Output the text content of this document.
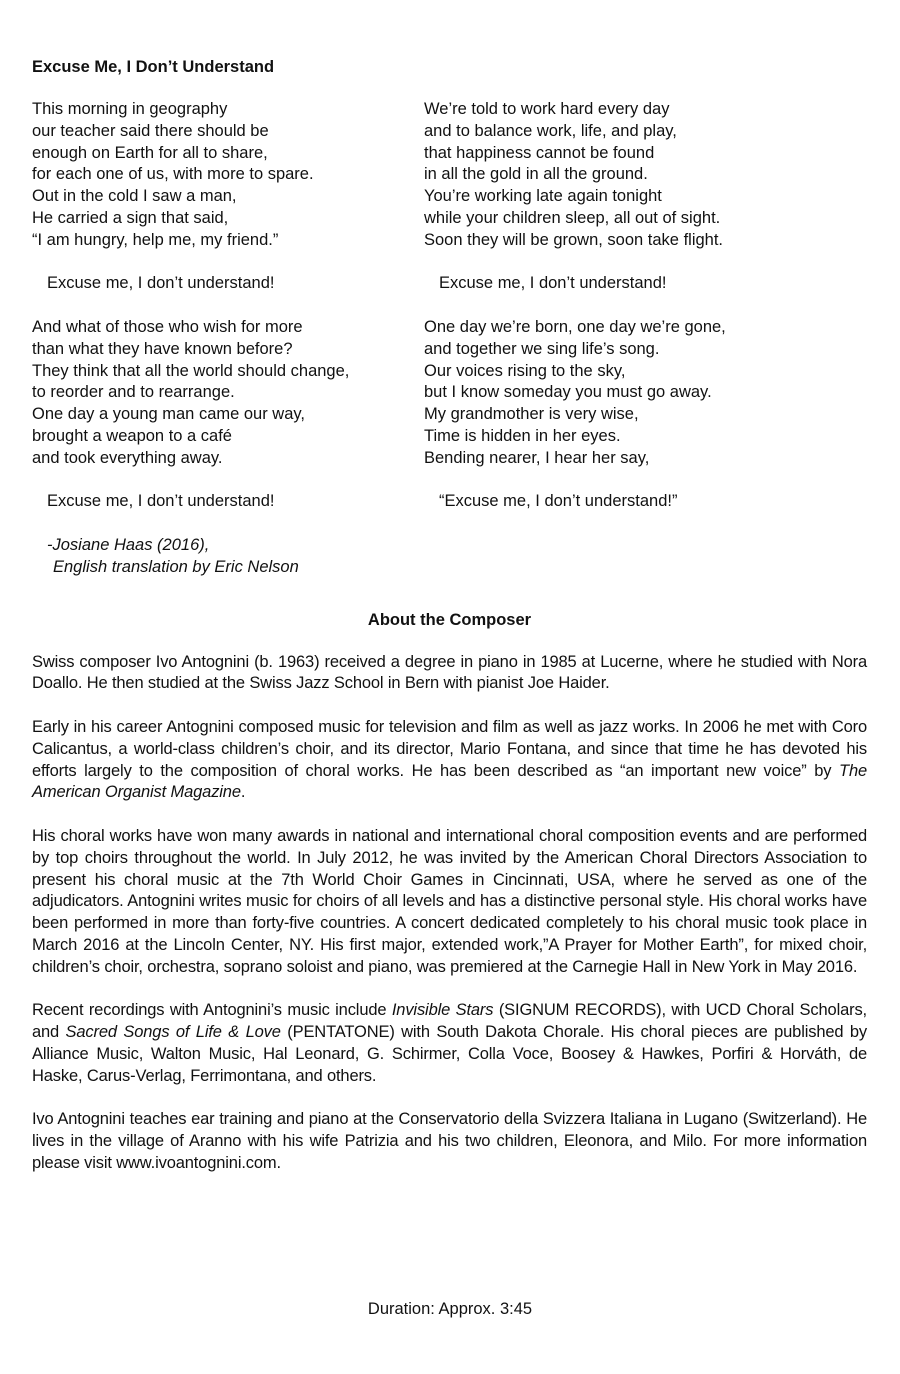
Excuse Me, I Don’t Understand
This morning in geography
our teacher said there should be
enough on Earth for all to share,
for each one of us, with more to spare.
Out in the cold I saw a man,
He carried a sign that said,
“I am hungry, help me, my friend.”
Excuse me, I don’t understand!
And what of those who wish for more
than what they have known before?
They think that all the world should change,
to reorder and to rearrange.
One day a young man came our way,
brought a weapon to a café
and took everything away.
Excuse me, I don’t understand!
-Josiane Haas (2016),
English translation by Eric Nelson
We’re told to work hard every day
and to balance work, life, and play,
that happiness cannot be found
in all the gold in all the ground.
You’re working late again tonight
while your children sleep, all out of sight.
Soon they will be grown, soon take flight.
Excuse me, I don’t understand!
One day we’re born, one day we’re gone,
and together we sing life’s song.
Our voices rising to the sky,
but I know someday you must go away.
My grandmother is very wise,
Time is hidden in her eyes.
Bending nearer, I hear her say,
“Excuse me, I don’t understand!”
About the Composer

Swiss composer Ivo Antognini (b. 1963) received a degree in piano in 1985 at Lucerne, where he studied with Nora Doallo. He then studied at the Swiss Jazz School in Bern with pianist Joe Haider.

Early in his career Antognini composed music for television and film as well as jazz works. In 2006 he met with Coro Calicantus, a world-class children’s choir, and its director, Mario Fontana, and since that time he has devoted his efforts largely to the composition of choral works. He has been described as “an important new voice” by The American Organist Magazine.

His choral works have won many awards in national and international choral composition events and are performed by top choirs throughout the world. In July 2012, he was invited by the American Choral Directors Association to present his choral music at the 7th World Choir Games in Cincinnati, USA, where he served as one of the adjudicators. Antognini writes music for choirs of all levels and has a distinctive personal style. His choral works have been performed in more than forty-five countries. A concert dedicated completely to his choral music took place in March 2016 at the Lincoln Center, NY. His first major, extended work,”A Prayer for Mother Earth”, for mixed choir, children’s choir, orchestra, soprano soloist and piano, was premiered at the Carnegie Hall in New York in May 2016.

Recent recordings with Antognini’s music include Invisible Stars (SIGNUM RECORDS), with UCD Choral Scholars, and Sacred Songs of Life & Love (PENTATONE) with South Dakota Chorale. His choral pieces are published by Alliance Music, Walton Music, Hal Leonard, G. Schirmer, Colla Voce, Boosey & Hawkes, Porfiri & Horváth, de Haske, Carus-Verlag, Ferrimontana, and others.

Ivo Antognini teaches ear training and piano at the Conservatorio della Svizzera Italiana in Lugano (Switzerland). He lives in the village of Aranno with his wife Patrizia and his two children, Eleonora, and Milo. For more information please visit www.ivoantognini.com.

Duration: Approx. 3:45
